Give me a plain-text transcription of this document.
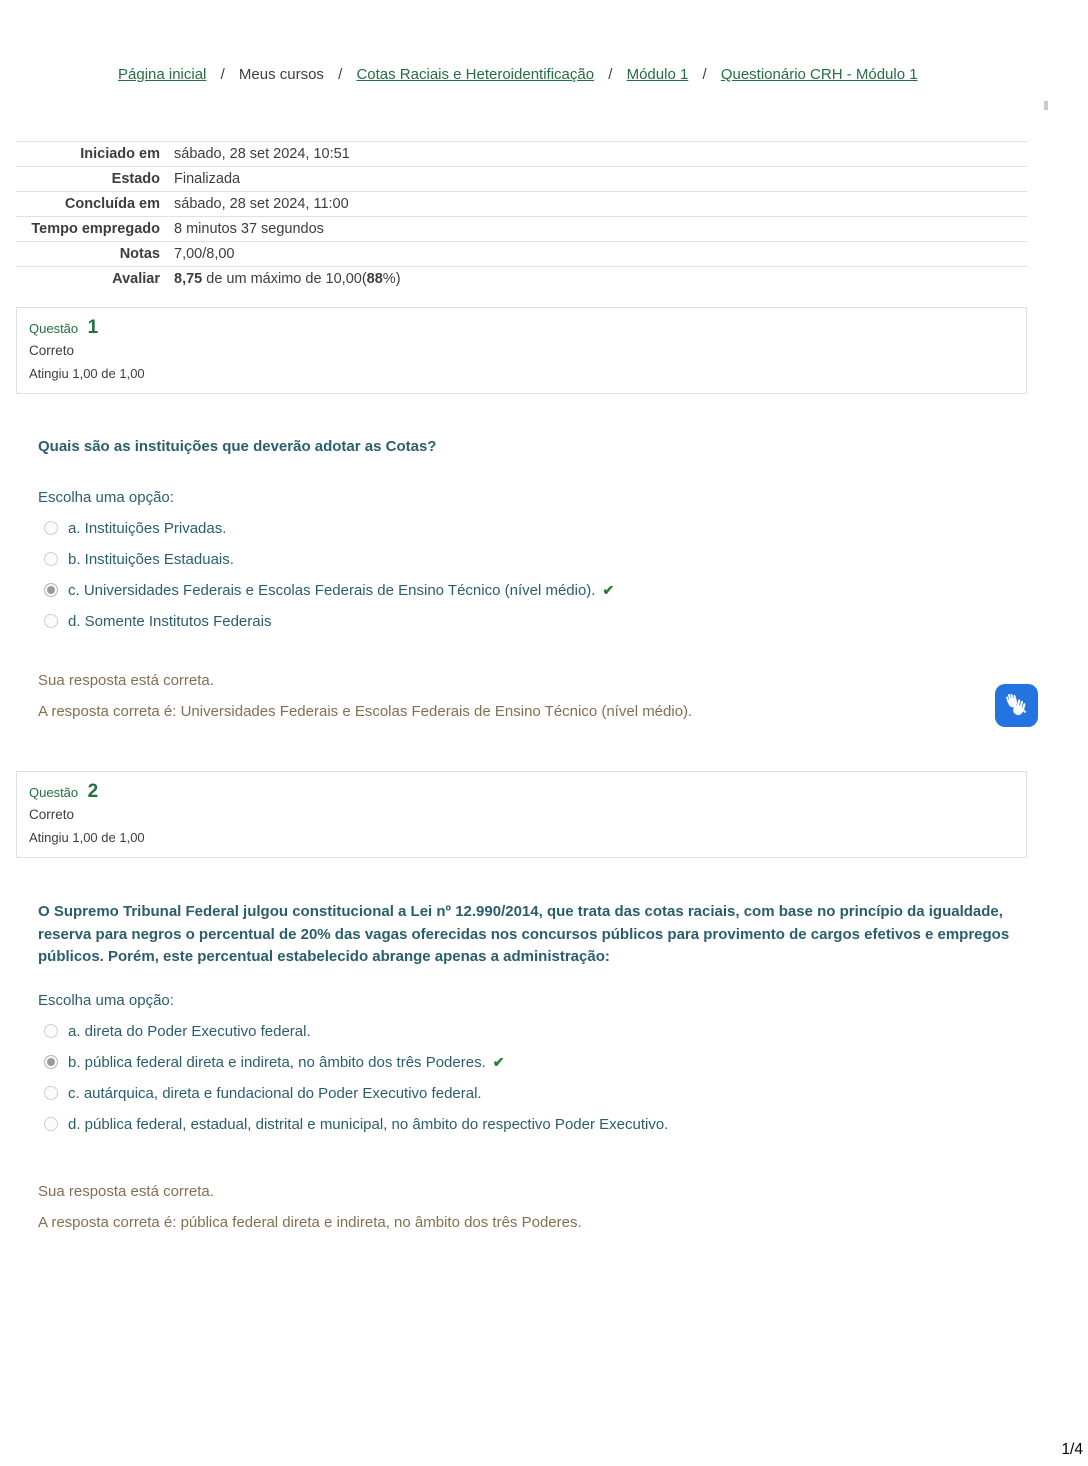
Página inicial / Meus cursos / Cotas Raciais e Heteroidentificação / Módulo 1 / Questionário CRH - Módulo 1
Iniciado em	sábado, 28 set 2024, 10:51
Estado	Finalizada
Concluída em	sábado, 28 set 2024, 11:00
Tempo empregado	8 minutos 37 segundos
Notas	7,00/8,00
Avaliar	8,75 de um máximo de 10,00(88%)
Questão 1
Correto
Atingiu 1,00 de 1,00
Quais são as instituições que deverão adotar as Cotas?
Escolha uma opção:
a. Instituições Privadas.
b. Instituições Estaduais.
c. Universidades Federais e Escolas Federais de Ensino Técnico (nível médio). ✔
d. Somente Institutos Federais
Sua resposta está correta.
A resposta correta é: Universidades Federais e Escolas Federais de Ensino Técnico (nível médio).
Questão 2
Correto
Atingiu 1,00 de 1,00
O Supremo Tribunal Federal julgou constitucional a Lei nº 12.990/2014, que trata das cotas raciais, com base no princípio da igualdade, reserva para negros o percentual de 20% das vagas oferecidas nos concursos públicos para provimento de cargos efetivos e empregos públicos. Porém, este percentual estabelecido abrange apenas a administração:
Escolha uma opção:
a. direta do Poder Executivo federal.
b. pública federal direta e indireta, no âmbito dos três Poderes. ✔
c. autárquica, direta e fundacional do Poder Executivo federal.
d. pública federal, estadual, distrital e municipal, no âmbito do respectivo Poder Executivo.
Sua resposta está correta.
A resposta correta é: pública federal direta e indireta, no âmbito dos três Poderes.
1/4
